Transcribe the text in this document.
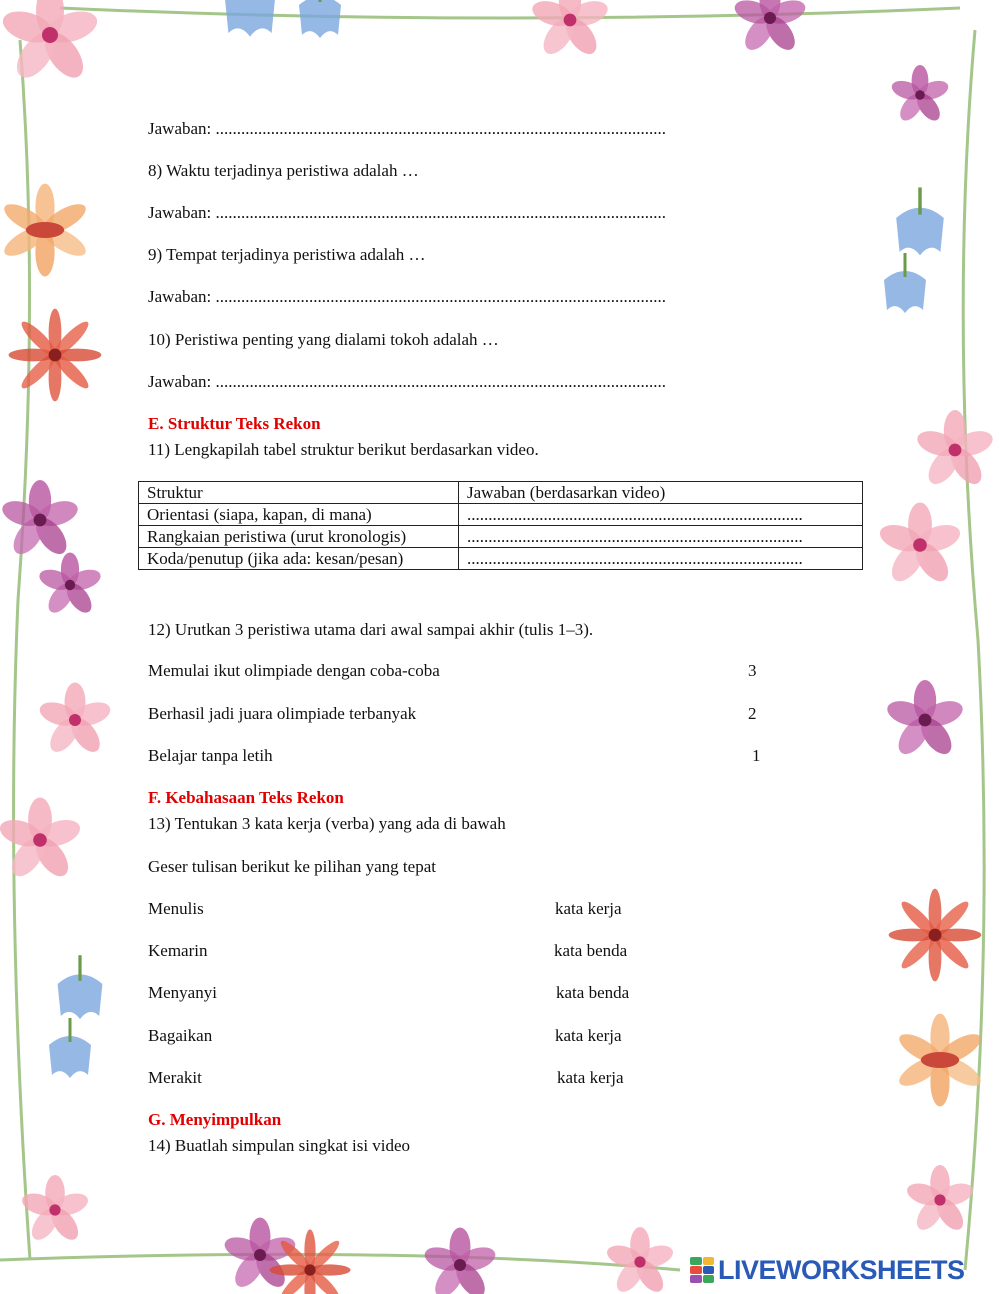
Jawaban: ..........................................................................................................
8) Waktu terjadinya peristiwa adalah …
Jawaban: ..........................................................................................................
9) Tempat terjadinya peristiwa adalah …
Jawaban: ..........................................................................................................
10) Peristiwa penting yang dialami tokoh adalah …
Jawaban: ..........................................................................................................
E. Struktur Teks Rekon
11) Lengkapilah tabel struktur berikut berdasarkan video.
Struktur	Jawaban (berdasarkan video)
Orientasi (siapa, kapan, di mana)	...............................................................................
Rangkaian peristiwa (urut kronologis)	...............................................................................
Koda/penutup (jika ada: kesan/pesan)	...............................................................................
12) Urutkan 3 peristiwa utama dari awal sampai akhir (tulis 1–3).
Memulai ikut olimpiade dengan coba-coba	3
Berhasil jadi juara olimpiade terbanyak	2
Belajar tanpa letih	1
F. Kebahasaan Teks Rekon
13) Tentukan 3 kata kerja (verba) yang ada di bawah
Geser tulisan berikut ke pilihan yang tepat
Menulis	kata kerja
Kemarin	kata benda
Menyanyi	kata benda
Bagaikan	kata kerja
Merakit	kata kerja
G. Menyimpulkan
14) Buatlah simpulan singkat isi video
LIVEWORKSHEETS
